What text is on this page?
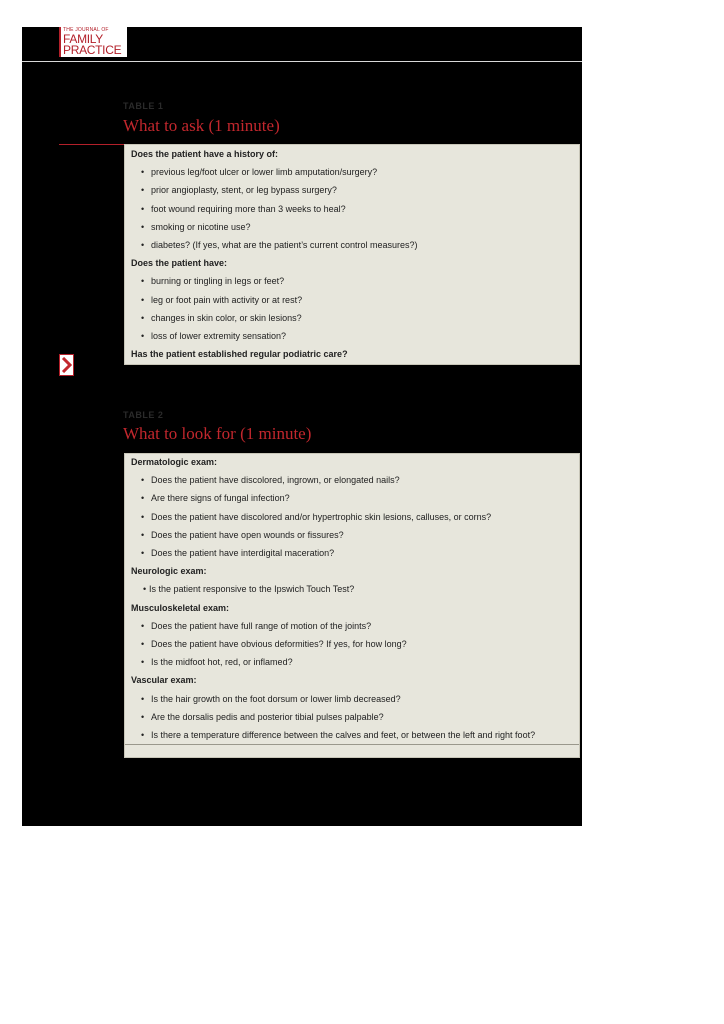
THE JOURNAL OF
FAMILY
PRACTICE
TABLE 1
What to ask (1 minute)
Does the patient have a history of:
• previous leg/foot ulcer or lower limb amputation/surgery?
• prior angioplasty, stent, or leg bypass surgery?
• foot wound requiring more than 3 weeks to heal?
• smoking or nicotine use?
• diabetes? (If yes, what are the patient’s current control measures?)
Does the patient have:
• burning or tingling in legs or feet?
• leg or foot pain with activity or at rest?
• changes in skin color, or skin lesions?
• loss of lower extremity sensation?
Has the patient established regular podiatric care?
TABLE 2
What to look for (1 minute)
Dermatologic exam:
• Does the patient have discolored, ingrown, or elongated nails?
• Are there signs of fungal infection?
• Does the patient have discolored and/or hypertrophic skin lesions, calluses, or corns?
• Does the patient have open wounds or fissures?
• Does the patient have interdigital maceration?
Neurologic exam:
• Is the patient responsive to the Ipswich Touch Test?
Musculoskeletal exam:
• Does the patient have full range of motion of the joints?
• Does the patient have obvious deformities? If yes, for how long?
• Is the midfoot hot, red, or inflamed?
Vascular exam:
• Is the hair growth on the foot dorsum or lower limb decreased?
• Are the dorsalis pedis and posterior tibial pulses palpable?
• Is there a temperature difference between the calves and feet, or between the left and right foot?
